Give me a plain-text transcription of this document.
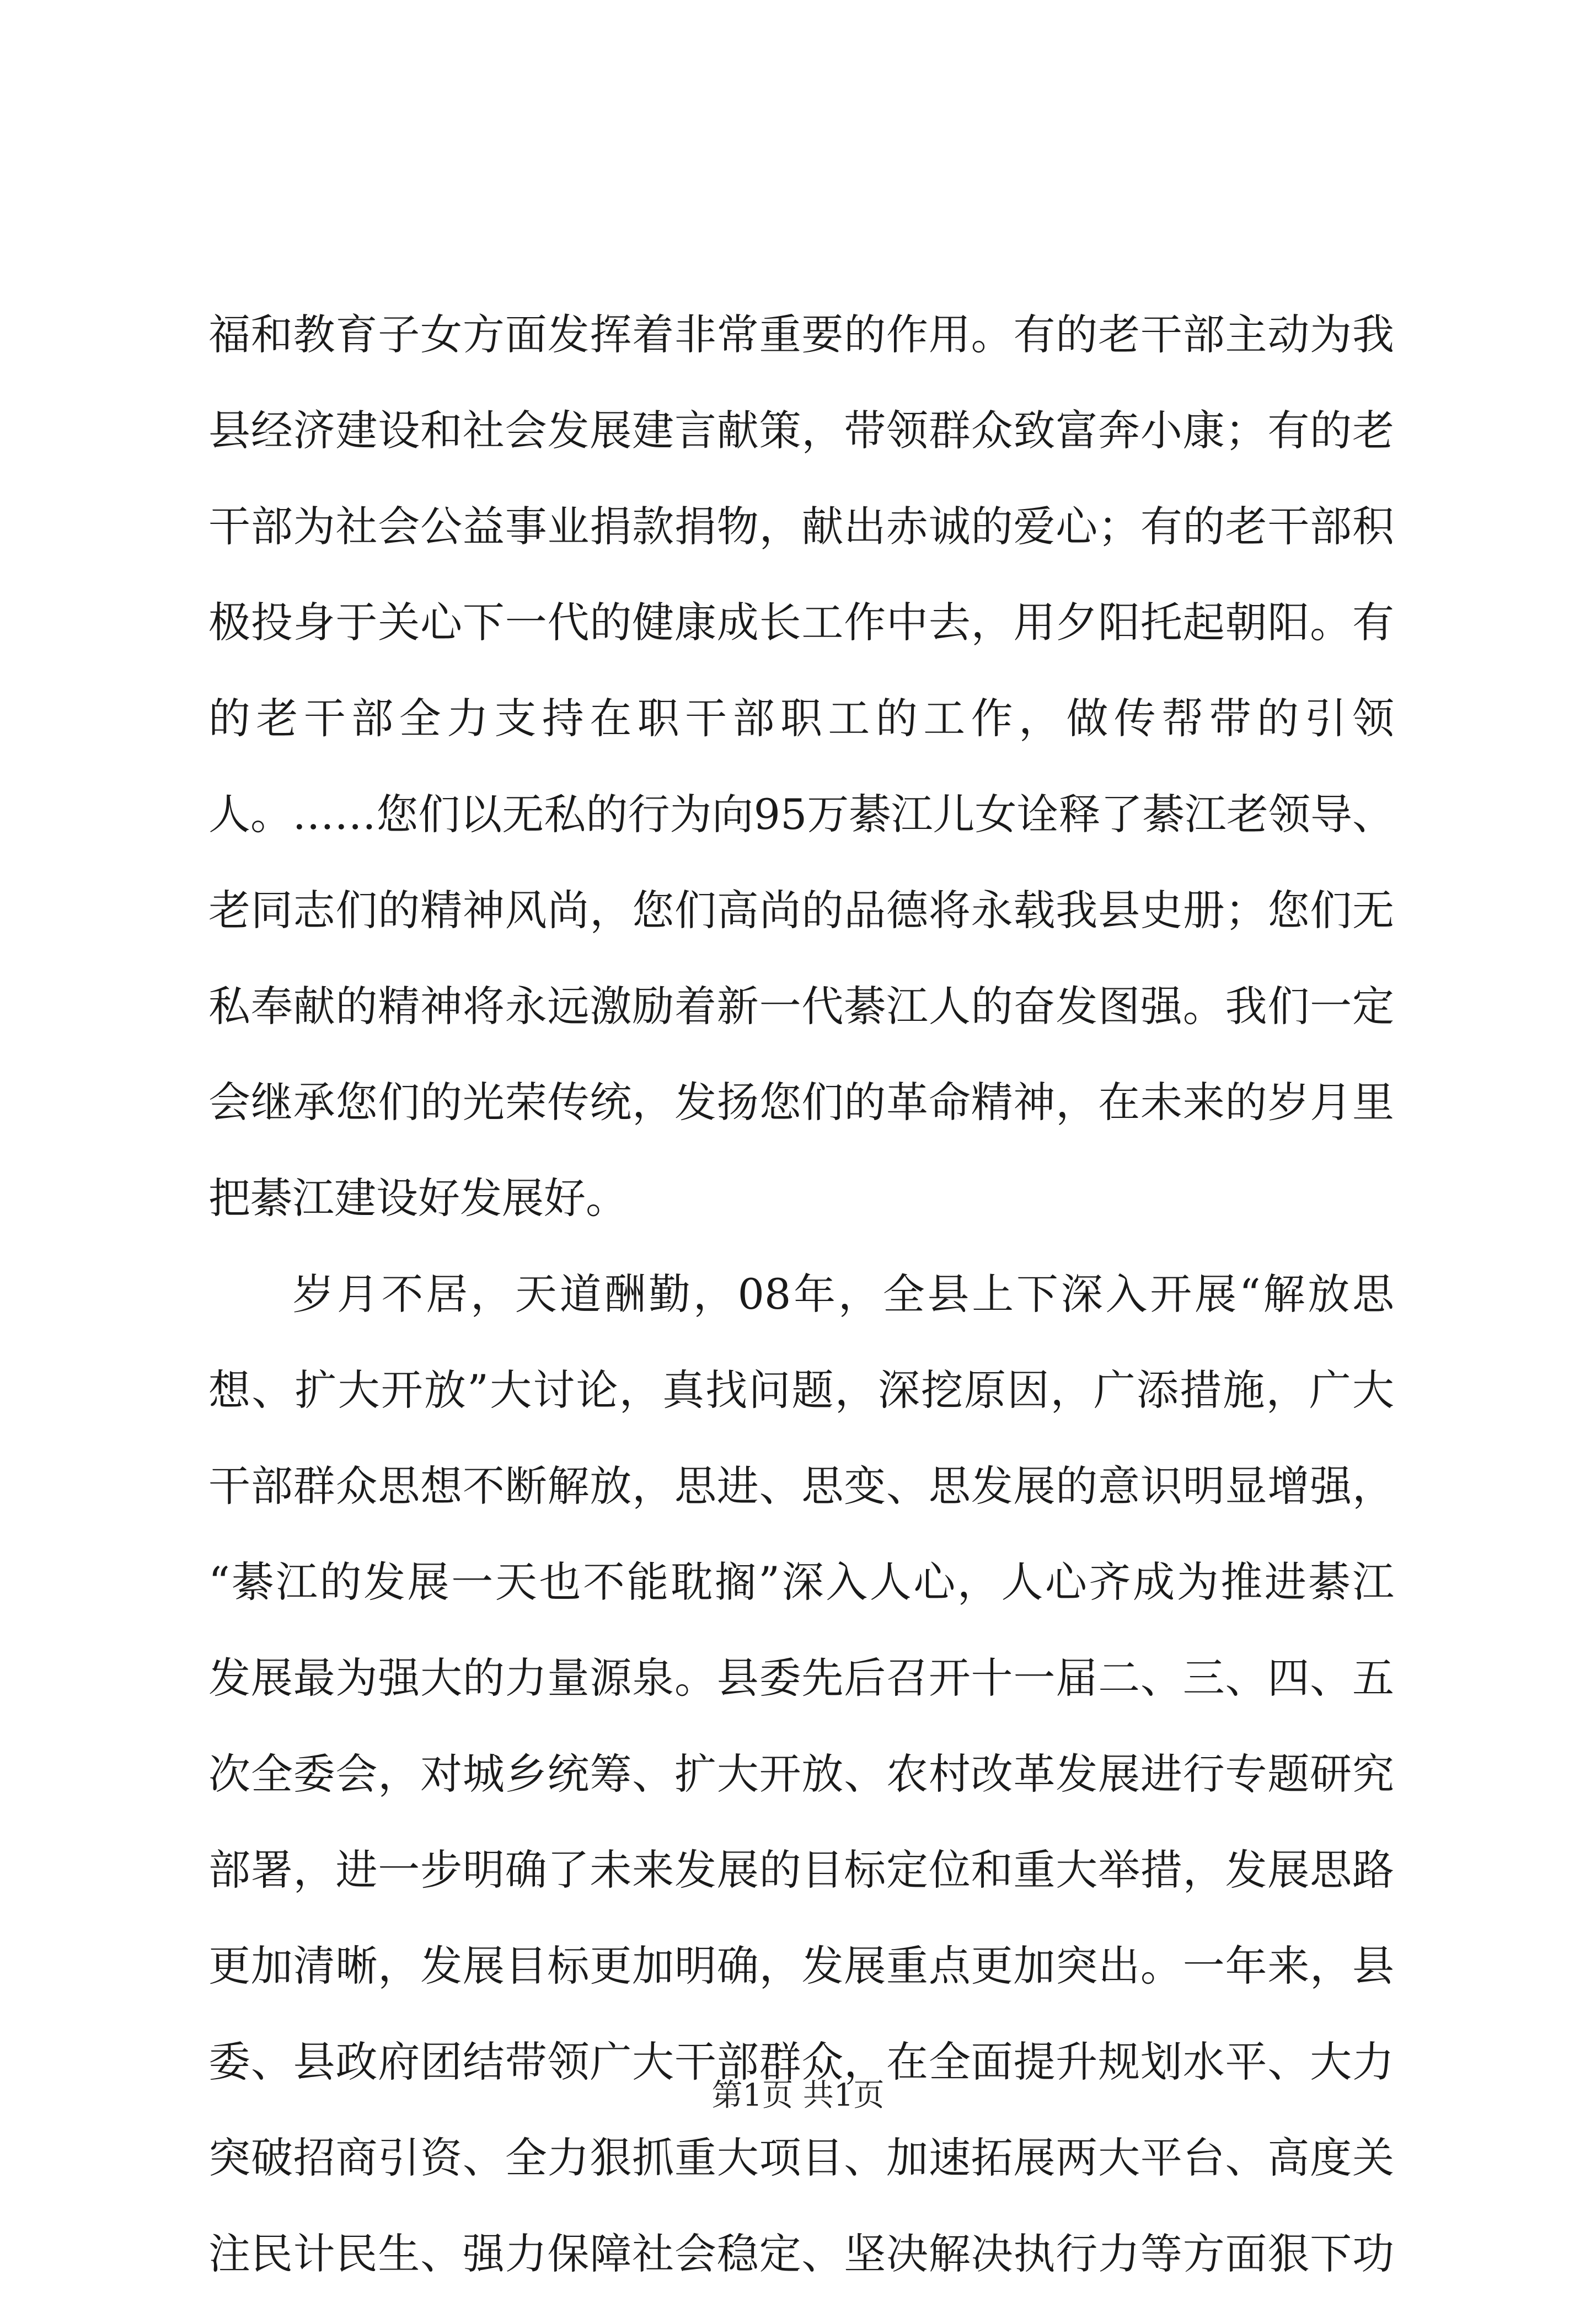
福和教育子女方面发挥着非常重要的作用。有的老干部主动为我
县经济建设和社会发展建言献策，带领群众致富奔小康；有的老
干部为社会公益事业捐款捐物，献出赤诚的爱心；有的老干部积
极投身于关心下一代的健康成长工作中去，用夕阳托起朝阳。有
的老干部全力支持在职干部职工的工作，做传帮带的引领
人。……您们以无私的行为向95万綦江儿女诠释了綦江老领导、
老同志们的精神风尚，您们高尚的品德将永载我县史册；您们无
私奉献的精神将永远激励着新一代綦江人的奋发图强。我们一定
会继承您们的光荣传统，发扬您们的革命精神，在未来的岁月里
把綦江建设好发展好。
岁月不居，天道酬勤，08年，全县上下深入开展“解放思
想、扩大开放”大讨论，真找问题，深挖原因，广添措施，广大
干部群众思想不断解放，思进、思变、思发展的意识明显增强，
“綦江的发展一天也不能耽搁”深入人心，人心齐成为推进綦江
发展最为强大的力量源泉。县委先后召开十一届二、三、四、五
次全委会，对城乡统筹、扩大开放、农村改革发展进行专题研究
部署，进一步明确了未来发展的目标定位和重大举措，发展思路
更加清晰，发展目标更加明确，发展重点更加突出。一年来，县
委、县政府团结带领广大干部群众，在全面提升规划水平、大力
突破招商引资、全力狠抓重大项目、加速拓展两大平台、高度关
注民计民生、强力保障社会稳定、坚决解决执行力等方面狠下功
第1页 共1页
